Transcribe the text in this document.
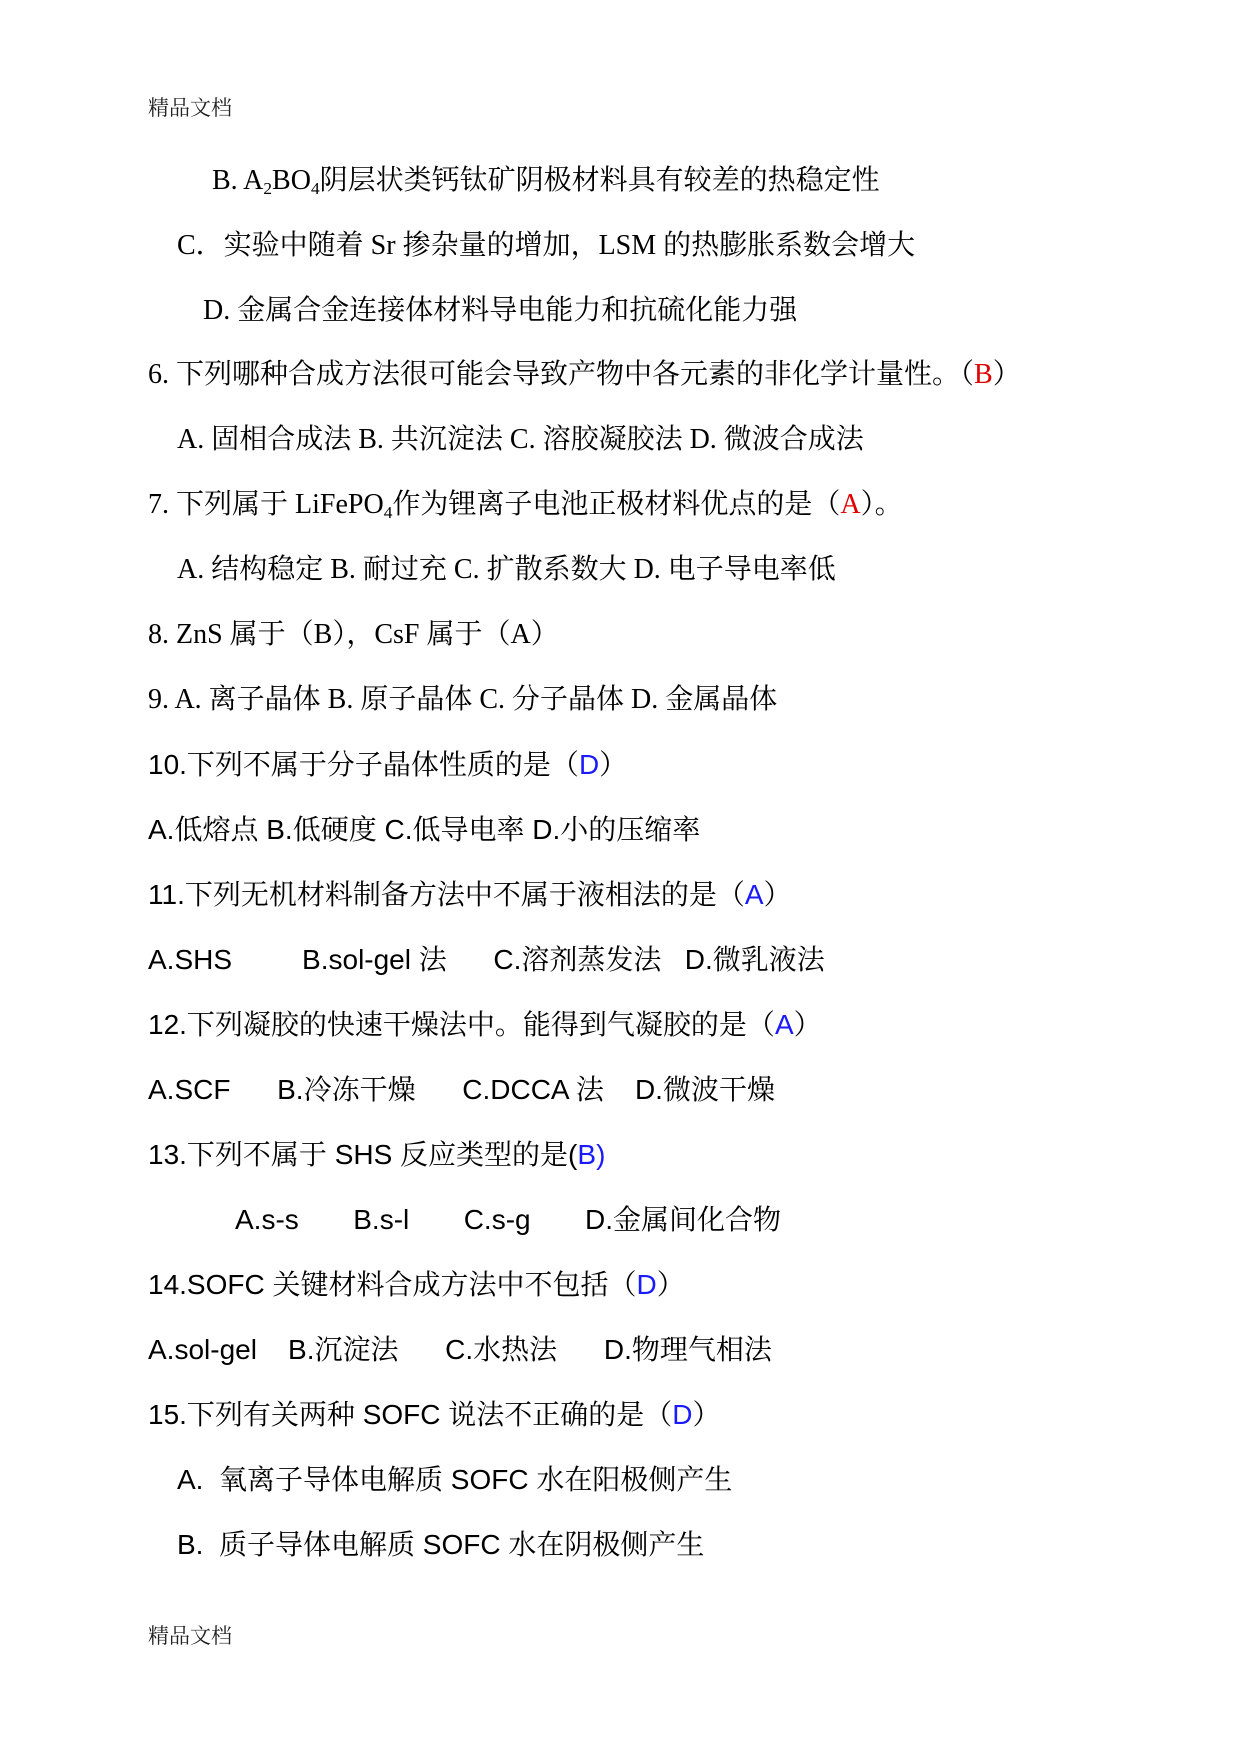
精品文档
B. $A_2BO_4$阴层状类钙钛矿阴极材料具有较差的热稳定性
C．实验中随着 Sr 掺杂量的增加，LSM 的热膨胀系数会增大
D. 金属合金连接体材料导电能力和抗硫化能力强
6. 下列哪种合成方法很可能会导致产物中各元素的非化学计量性。（B）
A. 固相合成法 B. 共沉淀法 C. 溶胶凝胶法 D. 微波合成法
7. 下列属于 LiFePO$_4$作为锂离子电池正极材料优点的是（A）。
A. 结构稳定 B. 耐过充 C. 扩散系数大 D. 电子导电率低
8. ZnS 属于（B），CsF 属于（A）
9. A. 离子晶体 B. 原子晶体 C. 分子晶体 D. 金属晶体
10.下列不属于分子晶体性质的是（D）
A.低熔点 B.低硬度 C.低导电率 D.小的压缩率
11.下列无机材料制备方法中不属于液相法的是（A）
A.SHS         B.sol-gel 法      C.溶剂蒸发法   D.微乳液法
12.下列凝胶的快速干燥法中。能得到气凝胶的是（A）
A.SCF      B.冷冻干燥      C.DCCA 法    D.微波干燥
13.下列不属于 SHS 反应类型的是(B)
A.s-s       B.s-l       C.s-g       D.金属间化合物
14.SOFC 关键材料合成方法中不包括（D）
A.sol-gel    B.沉淀法      C.水热法      D.物理气相法
15.下列有关两种 SOFC 说法不正确的是（D）
A.  氧离子导体电解质 SOFC 水在阳极侧产生
B.  质子导体电解质 SOFC 水在阴极侧产生
精品文档
